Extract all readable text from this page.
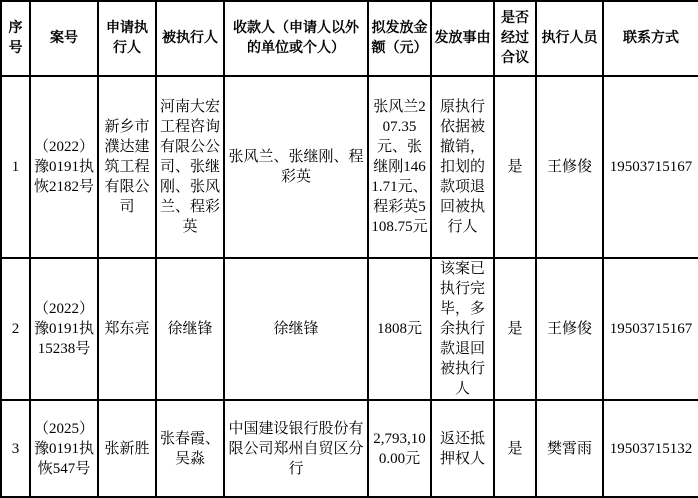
序号	案号	申请执行人	被执行人	收款人（申请人以外的单位或个人）	拟发放金额（元）	发放事由	是否经过合议	执行人员	联系方式
1	（2022）豫0191执恢2182号	新乡市濮达建筑工程有限公司	河南大宏工程咨询有限公公司、张继刚、张风兰、程彩英	张风兰、张继刚、程彩英	张风兰207.35元、张继刚1461.71元、程彩英5108.75元	原执行依据被撤销，扣划的款项退回被执行人	是	王修俊	19503715167
2	（2022）豫0191执15238号	郑东亮	徐继锋	徐继锋	1808元	该案已执行完毕，多余执行款退回被执行人	是	王修俊	19503715167
3	（2025）豫0191执恢547号	张新胜	张春霞、吴淼	中国建设银行股份有限公司郑州自贸区分行	2,793,100.00元	返还抵押权人	是	樊霄雨	19503715132
